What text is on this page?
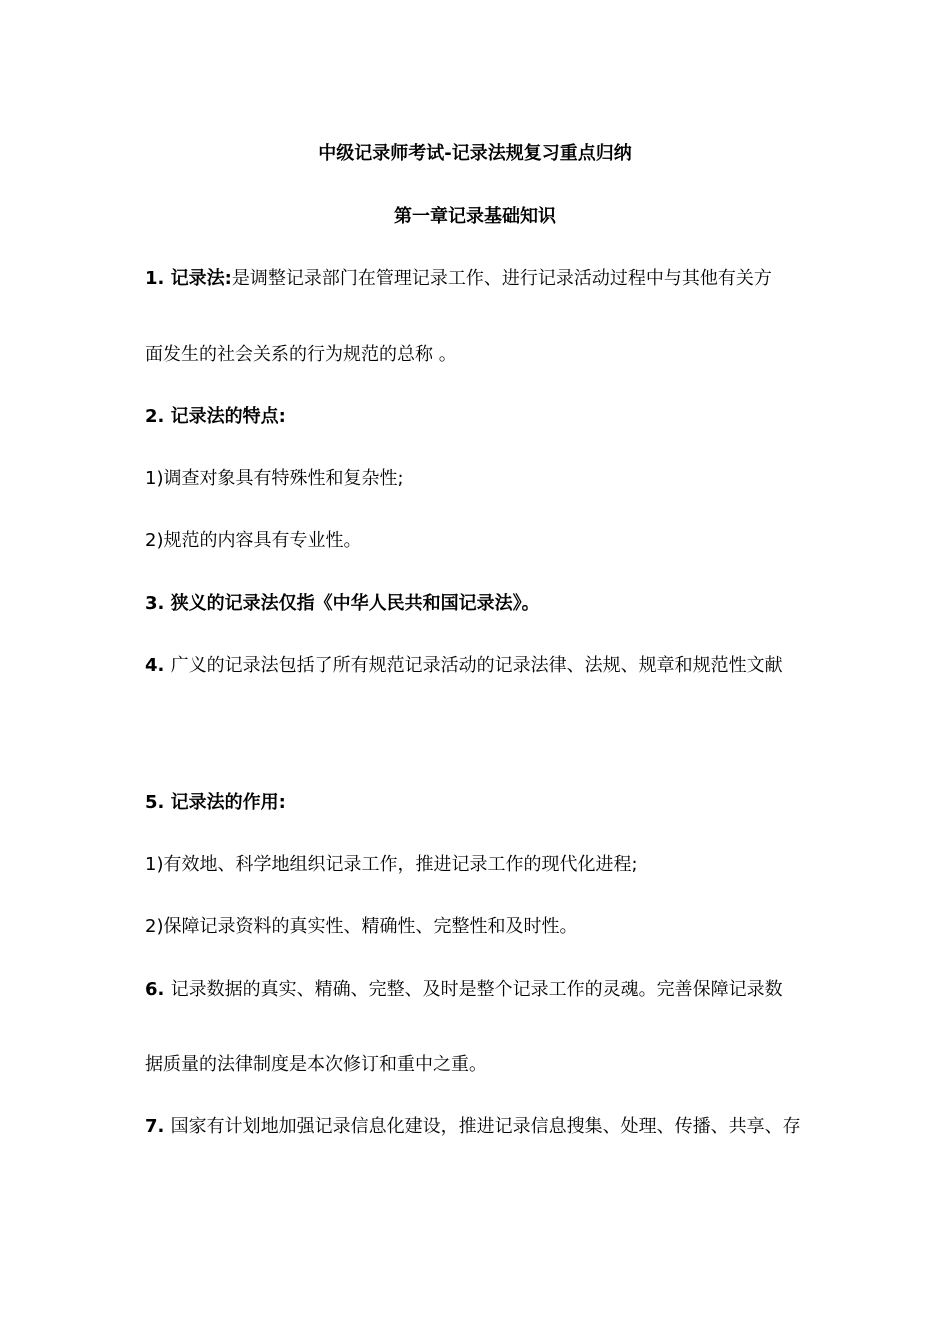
中级记录师考试-记录法规复习重点归纳
第一章记录基础知识
1. 记录法:是调整记录部门在管理记录工作、进行记录活动过程中与其他有关方
面发生的社会关系的行为规范的总称 。
2. 记录法的特点:
1)调查对象具有特殊性和复杂性;
2)规范的内容具有专业性。
3. 狭义的记录法仅指《中华人民共和国记录法》。
4. 广义的记录法包括了所有规范记录活动的记录法律、法规、规章和规范性文献
5. 记录法的作用:
1)有效地、科学地组织记录工作，推进记录工作的现代化进程;
2)保障记录资料的真实性、精确性、完整性和及时性。
6. 记录数据的真实、精确、完整、及时是整个记录工作的灵魂。完善保障记录数
据质量的法律制度是本次修订和重中之重。
7. 国家有计划地加强记录信息化建设，推进记录信息搜集、处理、传播、共享、存
